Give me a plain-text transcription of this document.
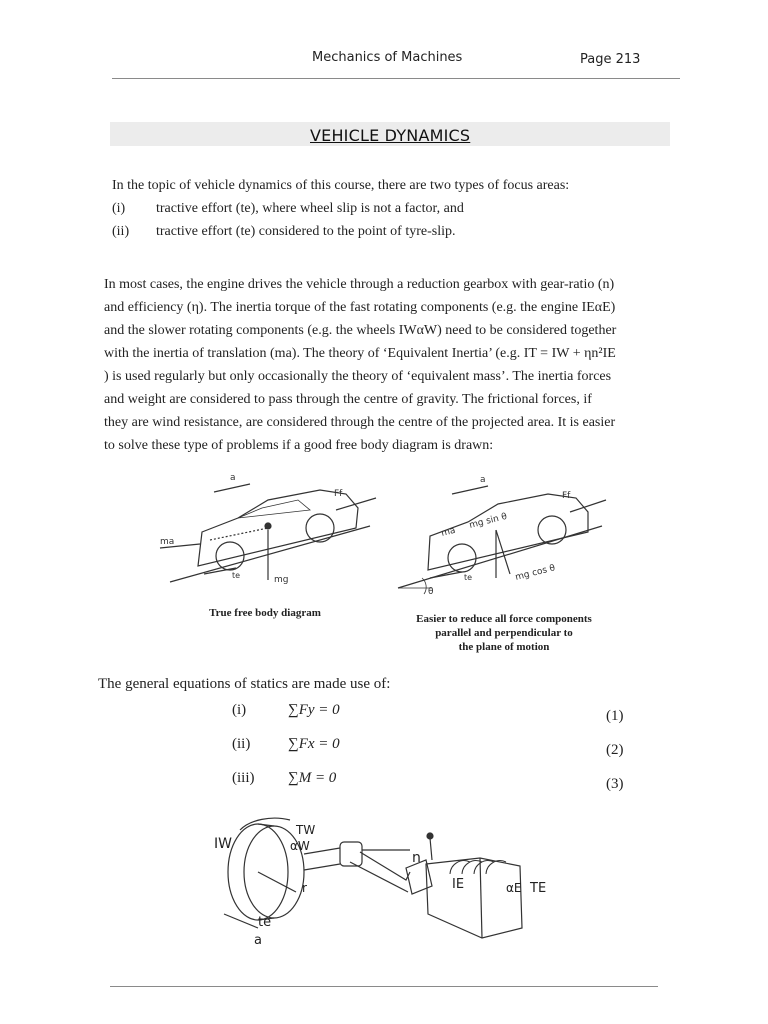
Mechanics of Machines	Page 213
VEHICLE DYNAMICS
In the topic of vehicle dynamics of this course, there are two types of focus areas:
(i) tractive effort (te), where wheel slip is not a factor, and
(ii) tractive effort (te) considered to the point of tyre-slip.
In most cases, the engine drives the vehicle through a reduction gearbox with gear-ratio (n)
and efficiency (η). The inertia torque of the fast rotating components (e.g. the engine IEαE)
and the slower rotating components (e.g. the wheels IWαW) need to be considered together
with the inertia of translation (ma). The theory of ‘Equivalent Inertia’ (e.g. IT = IW + ηn²IE
) is used regularly but only occasionally the theory of ‘equivalent mass’. The inertia forces
and weight are considered to pass through the centre of gravity. The frictional forces, if
they are wind resistance, are considered through the centre of the projected area. It is easier
to solve these type of problems if a good free body diagram is drawn:
a
Ff
ma
te	mg
True free body diagram
a
Ff
ma
mg sin θ
te	mg cos θ
θ
Easier to reduce all force components
parallel and perpendicular to
the plane of motion
The general equations of statics are made use of:
(i)	∑Fy = 0	(1)
(ii)	∑Fx = 0	(2)
(iii) ∑M = 0	(3)
IW
TW
αW
r
te
a
n
IE	αE TE
